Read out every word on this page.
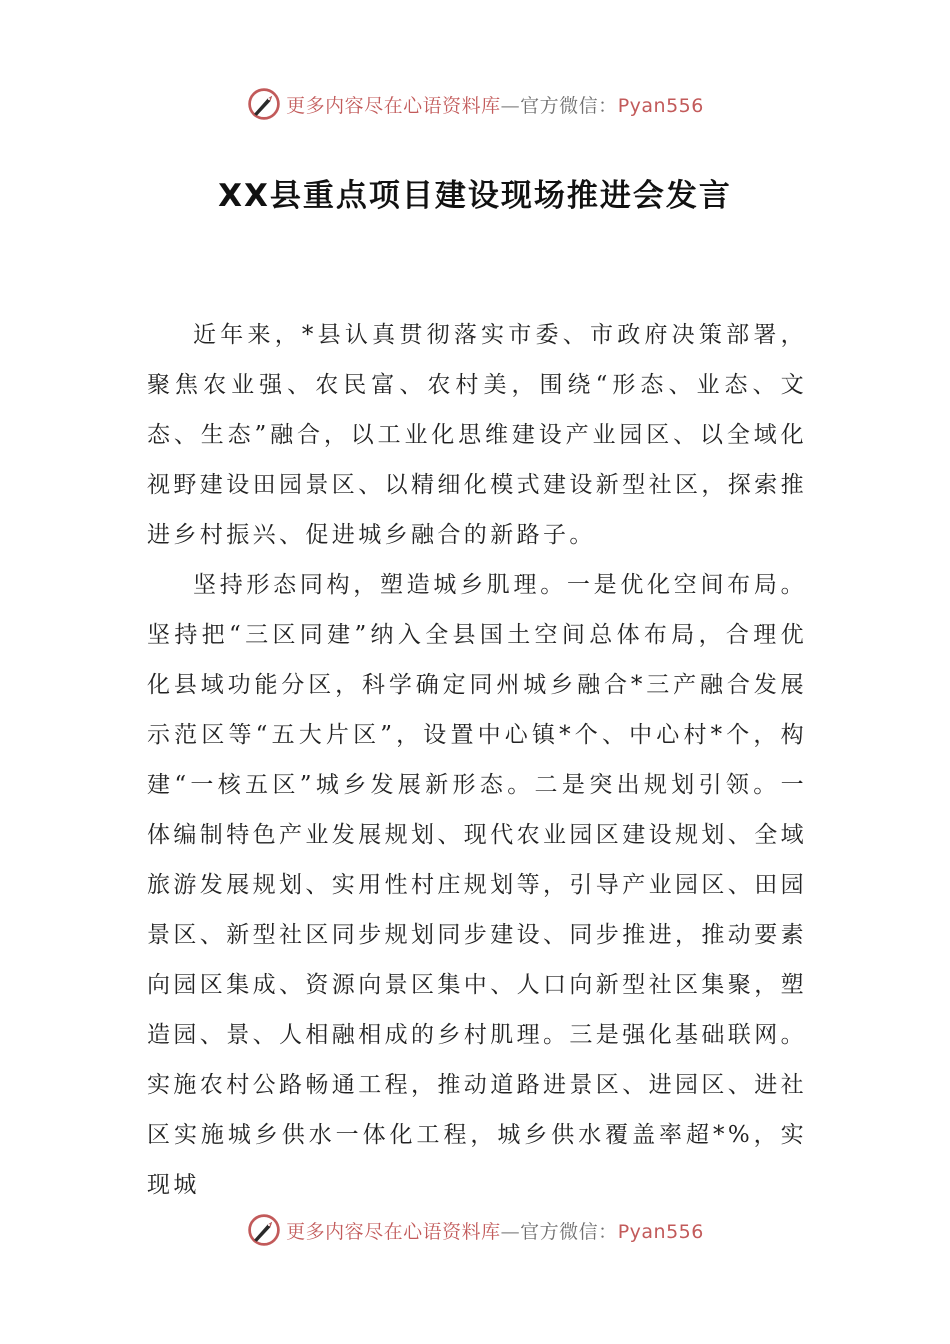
更多内容尽在心语资料库—官方微信：Pyan556
XX县重点项目建设现场推进会发言

近年来，*县认真贯彻落实市委、市政府决策部署，聚焦农业强、农民富、农村美，围绕“形态、业态、文态、生态”融合，以工业化思维建设产业园区、以全域化视野建设田园景区、以精细化模式建设新型社区，探索推进乡村振兴、促进城乡融合的新路子。

坚持形态同构，塑造城乡肌理。一是优化空间布局。坚持把“三区同建”纳入全县国土空间总体布局，合理优化县域功能分区，科学确定同州城乡融合*三产融合发展示范区等“五大片区”，设置中心镇*个、中心村*个，构建“一核五区”城乡发展新形态。二是突出规划引领。一体编制特色产业发展规划、现代农业园区建设规划、全域旅游发展规划、实用性村庄规划等，引导产业园区、田园景区、新型社区同步规划同步建设、同步推进，推动要素向园区集成、资源向景区集中、人口向新型社区集聚，塑造园、景、人相融相成的乡村肌理。三是强化基础联网。实施农村公路畅通工程，推动道路进景区、进园区、进社区实施城乡供水一体化工程，城乡供水覆盖率超*%，实现城

更多内容尽在心语资料库—官方微信：Pyan556
